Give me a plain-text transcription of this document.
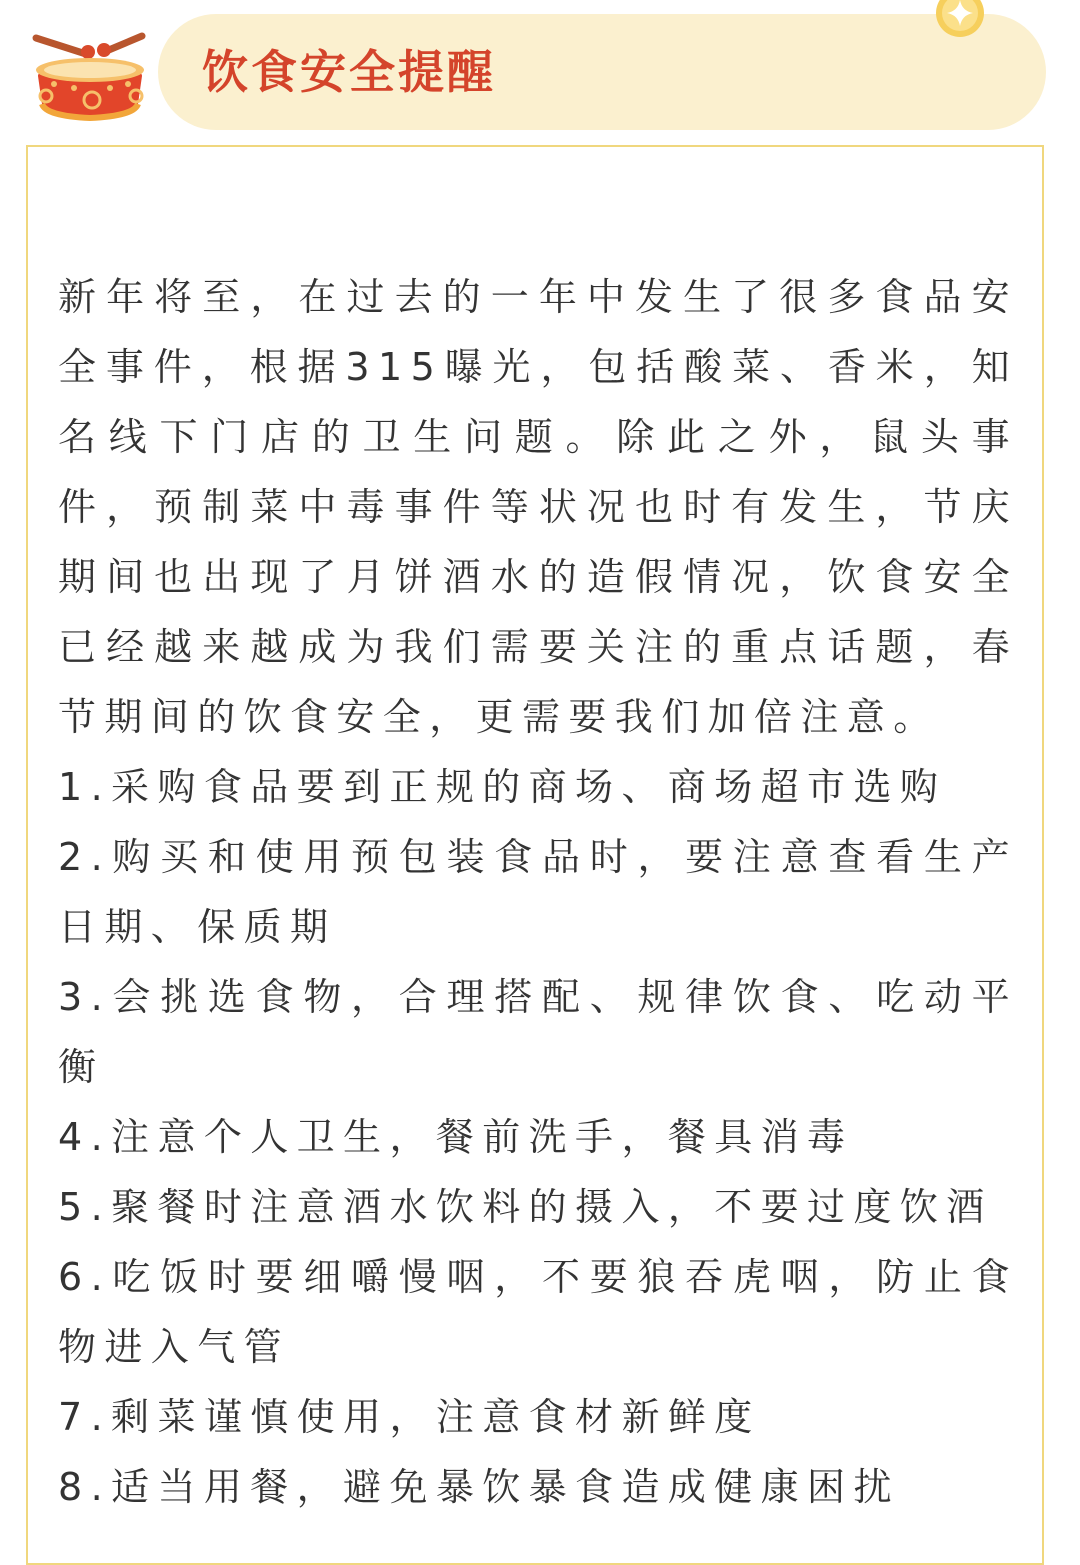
饮食安全提醒

新年将至，在过去的一年中发生了很多食品安全事件，根据315曝光，包括酸菜、香米，知名线下门店的卫生问题。除此之外，鼠头事件，预制菜中毒事件等状况也时有发生，节庆期间也出现了月饼酒水的造假情况，饮食安全已经越来越成为我们需要关注的重点话题，春节期间的饮食安全，更需要我们加倍注意。

1.采购食品要到正规的商场、商场超市选购

2.购买和使用预包装食品时，要注意查看生产日期、保质期

3.会挑选食物，合理搭配、规律饮食、吃动平衡

4.注意个人卫生，餐前洗手，餐具消毒

5.聚餐时注意酒水饮料的摄入，不要过度饮酒

6.吃饭时要细嚼慢咽，不要狼吞虎咽，防止食物进入气管

7.剩菜谨慎使用，注意食材新鲜度

8.适当用餐，避免暴饮暴食造成健康困扰
